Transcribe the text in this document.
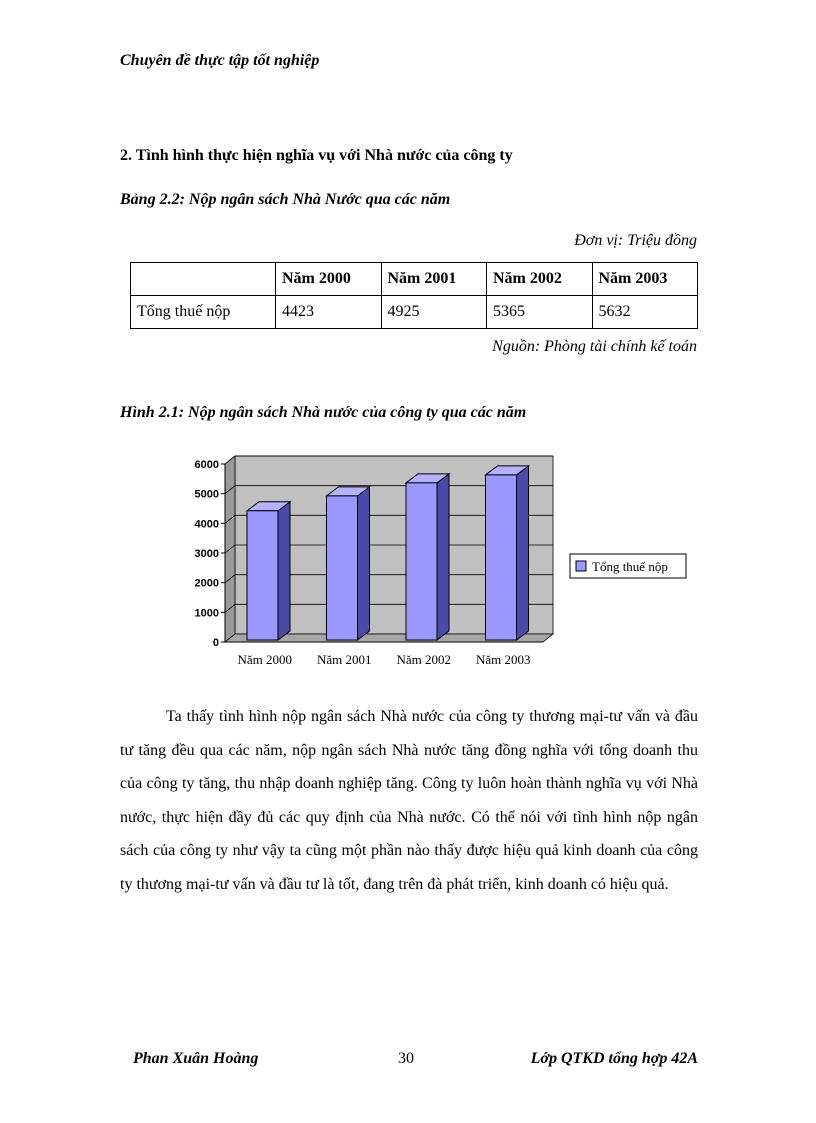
Chuyên đề thực tập tốt nghiệp
2. Tình hình thực hiện nghĩa vụ với Nhà nước của công ty
Bảng 2.2: Nộp ngân sách Nhà Nước qua các năm
Đơn vị: Triệu đồng
	Năm 2000	Năm 2001	Năm 2002	Năm 2003
Tổng thuế nộp	4423	4925	5365	5632
Nguồn: Phòng tài chính kế toán
Hình 2.1: Nộp ngân sách Nhà nước của công ty qua các năm
0
1000
2000
3000
4000
5000
6000
Năm 2000 Năm 2001 Năm 2002 Năm 2003
Tổng thuế nộp

Ta thấy tình hình nộp ngân sách Nhà nước của công ty thương mại-tư vấn và đầu tư tăng đều qua các năm, nộp ngân sách Nhà nước tăng đồng nghĩa với tổng doanh thu của công ty tăng, thu nhập doanh nghiệp tăng. Công ty luôn hoàn thành nghĩa vụ với Nhà nước, thực hiện đầy đủ các quy định của Nhà nước. Có thể nói với tình hình nộp ngân sách của công ty như vậy ta cũng một phần nào thấy được hiệu quả kinh doanh của công ty thương mại-tư vấn và đầu tư là tốt, đang trên đà phát triển, kinh doanh có hiệu quả.

Phan Xuân Hoàng	30	Lớp QTKD tổng hợp 42A
